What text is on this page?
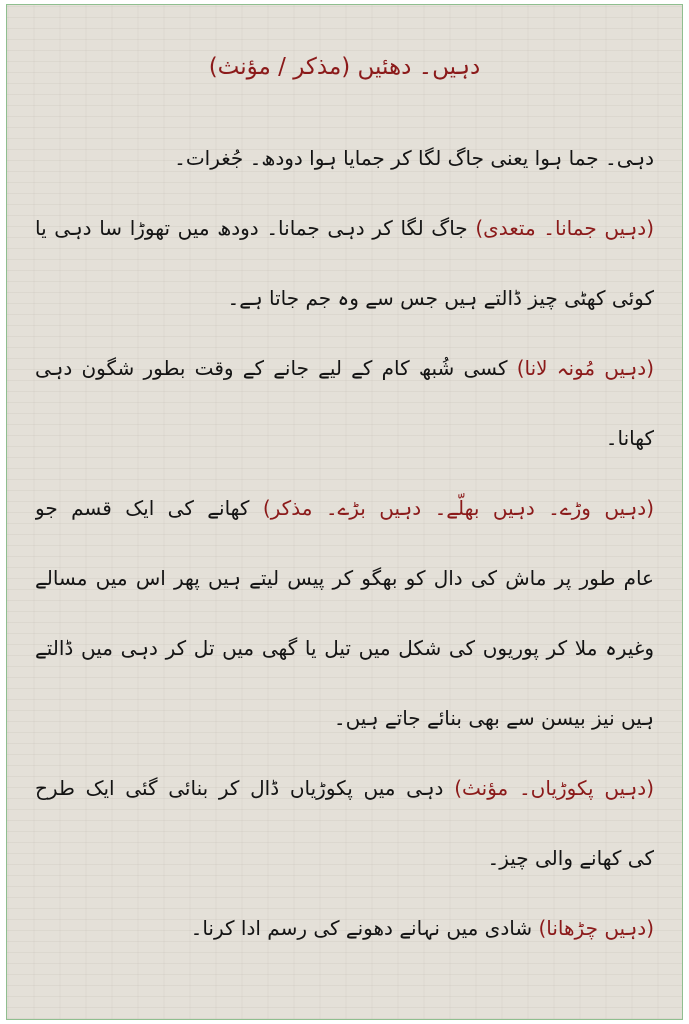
دہیں۔ دھئیں (مذکر / مؤنث)
دہی۔ جما ہوا یعنی جاگ لگا کر جمایا ہوا دودھ۔ جُغرات۔
(دہیں جمانا۔ متعدی) جاگ لگا کر دہی جمانا۔ دودھ میں تھوڑا سا دہی یا
کوئی کھٹی چیز ڈالتے ہیں جس سے وہ جم جاتا ہے۔
(دہیں مُونہ لانا) کسی شُبھ کام کے لیے جانے کے وقت بطور شگون دہی
کھانا۔
(دہیں وڑے۔ دہیں بھلّے۔ دہیں بڑے۔ مذکر) کھانے کی ایک قسم جو
عام طور پر ماش کی دال کو بھگو کر پیس لیتے ہیں پھر اس میں مسالے
وغیرہ ملا کر پوریوں کی شکل میں تیل یا گھی میں تل کر دہی میں ڈالتے
ہیں نیز بیسن سے بھی بنائے جاتے ہیں۔
(دہیں پکوڑیاں۔ مؤنث) دہی میں پکوڑیاں ڈال کر بنائی گئی ایک طرح
کی کھانے والی چیز۔
(دہیں چڑھانا) شادی میں نہانے دھونے کی رسم ادا کرنا۔
